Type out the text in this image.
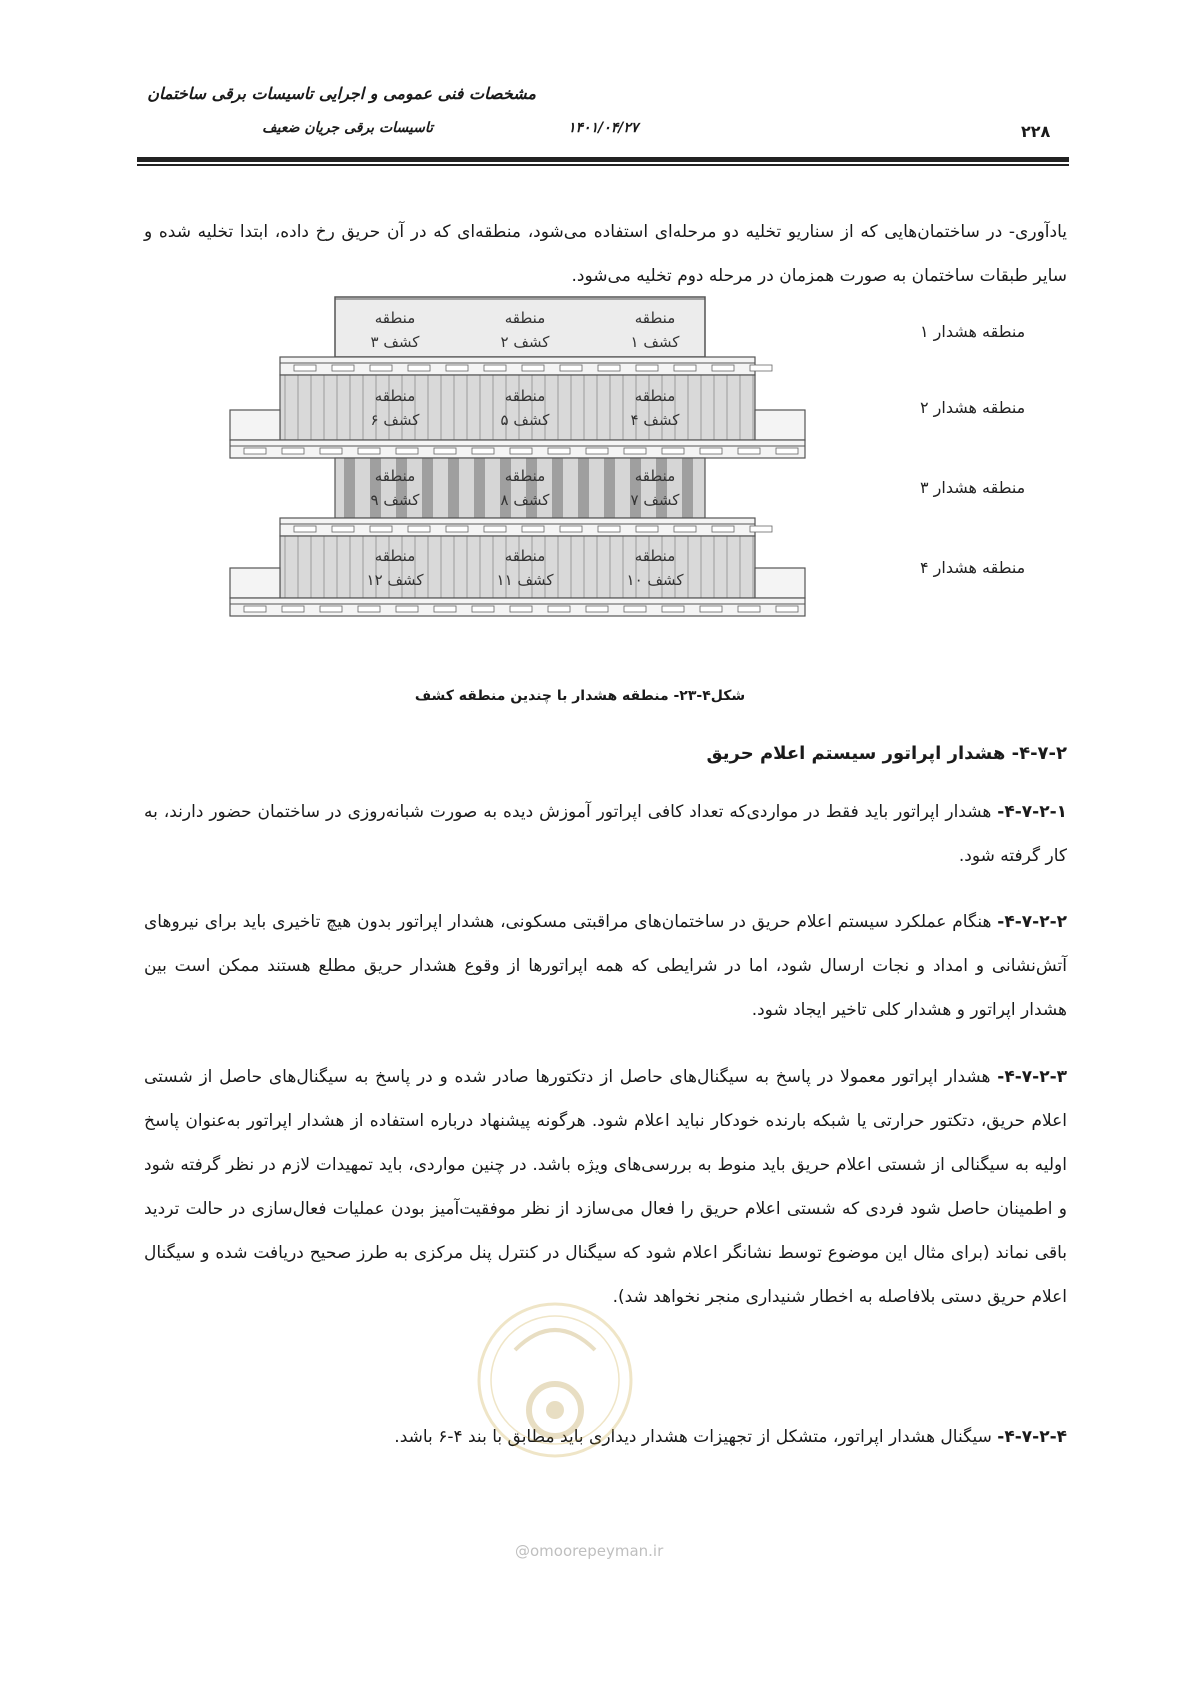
مشخصات فنی عمومی و اجرایی تاسیسات برقی ساختمان
تاسیسات برقی جریان ضعیف	۱۴۰۱/۰۴/۲۷	۲۲۸
یادآوری- در ساختمان‌هایی که از سناریو تخلیه دو مرحله‌ای استفاده می‌شود، منطقه‌ای که در آن حریق رخ داده، ابتدا تخلیه شده و سایر طبقات ساختمان به صورت همزمان در مرحله دوم تخلیه می‌شود.
منطقه
کشف ۳
منطقه
کشف ۲
منطقه
کشف ۱
منطقه
کشف ۶
منطقه
کشف ۵
منطقه
کشف ۴
منطقه
کشف ۹
منطقه
کشف ۸
منطقه
کشف ۷
منطقه
کشف ۱۲
منطقه
کشف ۱۱
منطقه
کشف ۱۰
منطقه هشدار ۱
منطقه هشدار ۲
منطقه هشدار ۳
منطقه هشدار ۴
شکل۴-۲۳- منطقه هشدار با چندین منطقه کشف
۴-۷-۲- هشدار اپراتور سیستم اعلام حریق
۴-۷-۲-۱- هشدار اپراتور باید فقط در مواردی‌که تعداد کافی اپراتور آموزش دیده به صورت شبانه‌روزی در ساختمان حضور دارند، به کار گرفته شود.
۴-۷-۲-۲- هنگام عملکرد سیستم اعلام حریق در ساختمان‌های مراقبتی مسکونی، هشدار اپراتور بدون هیچ تاخیری باید برای نیروهای آتش‌نشانی و امداد و نجات ارسال شود، اما در شرایطی که همه اپراتورها از وقوع هشدار حریق مطلع هستند ممکن است بین هشدار اپراتور و هشدار کلی تاخیر ایجاد شود.
۴-۷-۲-۳- هشدار اپراتور معمولا در پاسخ به سیگنال‌های حاصل از دتکتورها صادر شده و در پاسخ به سیگنال‌های حاصل از شستی اعلام حریق، دتکتور حرارتی یا شبکه بارنده خودکار نباید اعلام شود. هرگونه پیشنهاد درباره استفاده از هشدار اپراتور به‌عنوان پاسخ اولیه به سیگنالی از شستی اعلام حریق باید منوط به بررسی‌های ویژه باشد. در چنین مواردی، باید تمهیدات لازم در نظر گرفته شود و اطمینان حاصل شود فردی که شستی اعلام حریق را فعال می‌سازد از نظر موفقیت‌آمیز بودن عملیات فعال‌سازی در حالت تردید باقی نماند (برای مثال این موضوع توسط نشانگر اعلام شود که سیگنال در کنترل پنل مرکزی به طرز صحیح دریافت شده و سیگنال اعلام حریق دستی بلافاصله به اخطار شنیداری منجر نخواهد شد).
۴-۷-۲-۴- سیگنال هشدار اپراتور، متشکل از تجهیزات هشدار دیداری باید مطابق با بند ۴-۶ باشد.
@omoorepeyman.ir
